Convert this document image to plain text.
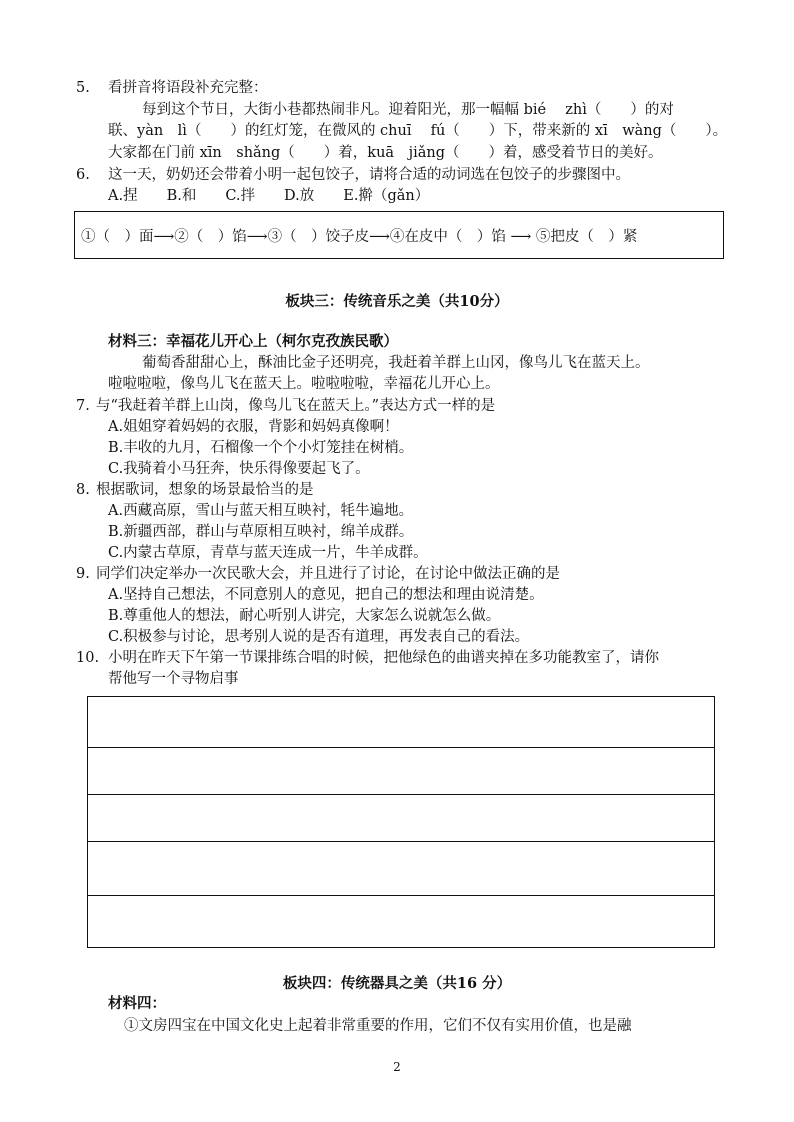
5. 看拼音将语段补充完整：
每到这个节日，大街小巷都热闹非凡。迎着阳光，那一幅幅 bié　 zhì（　　）的对
联、yàn　lì（　　）的红灯笼，在微风的 chuī　 fú（　　）下，带来新的 xī　wàng（　　）。
大家都在门前 xīn　shǎng（　　）着，kuā　jiǎng（　　）着，感受着节日的美好。
6. 这一天，奶奶还会带着小明一起包饺子，请将合适的动词选在包饺子的步骤图中。
A.捏　　B.和　　C.拌　　D.放　　E.擀（gǎn）
①（　）面⟶②（　）馅⟶③（　）饺子皮⟶④在皮中（　）馅 ⟶ ⑤把皮（　）紧
板块三：传统音乐之美（共10分）
材料三：幸福花儿开心上（柯尔克孜族民歌）
葡萄香甜甜心上，酥油比金子还明亮，我赶着羊群上山冈，像鸟儿飞在蓝天上。
啦啦啦啦，像鸟儿飞在蓝天上。啦啦啦啦，幸福花儿开心上。
7. 与“我赶着羊群上山岗，像鸟儿飞在蓝天上。”表达方式一样的是
A.姐姐穿着妈妈的衣服，背影和妈妈真像啊！
B.丰收的九月，石榴像一个个小灯笼挂在树梢。
C.我骑着小马狂奔，快乐得像要起飞了。
8. 根据歌词，想象的场景最恰当的是
A.西藏高原，雪山与蓝天相互映衬，牦牛遍地。
B.新疆西部，群山与草原相互映衬，绵羊成群。
C.内蒙古草原，青草与蓝天连成一片，牛羊成群。
9. 同学们决定举办一次民歌大会，并且进行了讨论，在讨论中做法正确的是
A.坚持自己想法，不同意别人的意见，把自己的想法和理由说清楚。
B.尊重他人的想法，耐心听别人讲完，大家怎么说就怎么做。
C.积极参与讨论，思考别人说的是否有道理，再发表自己的看法。
10. 小明在昨天下午第一节课排练合唱的时候，把他绿色的曲谱夹掉在多功能教室了，请你
帮他写一个寻物启事
板块四：传统器具之美（共16 分）
材料四：
①文房四宝在中国文化史上起着非常重要的作用，它们不仅有实用价值，也是融
2
